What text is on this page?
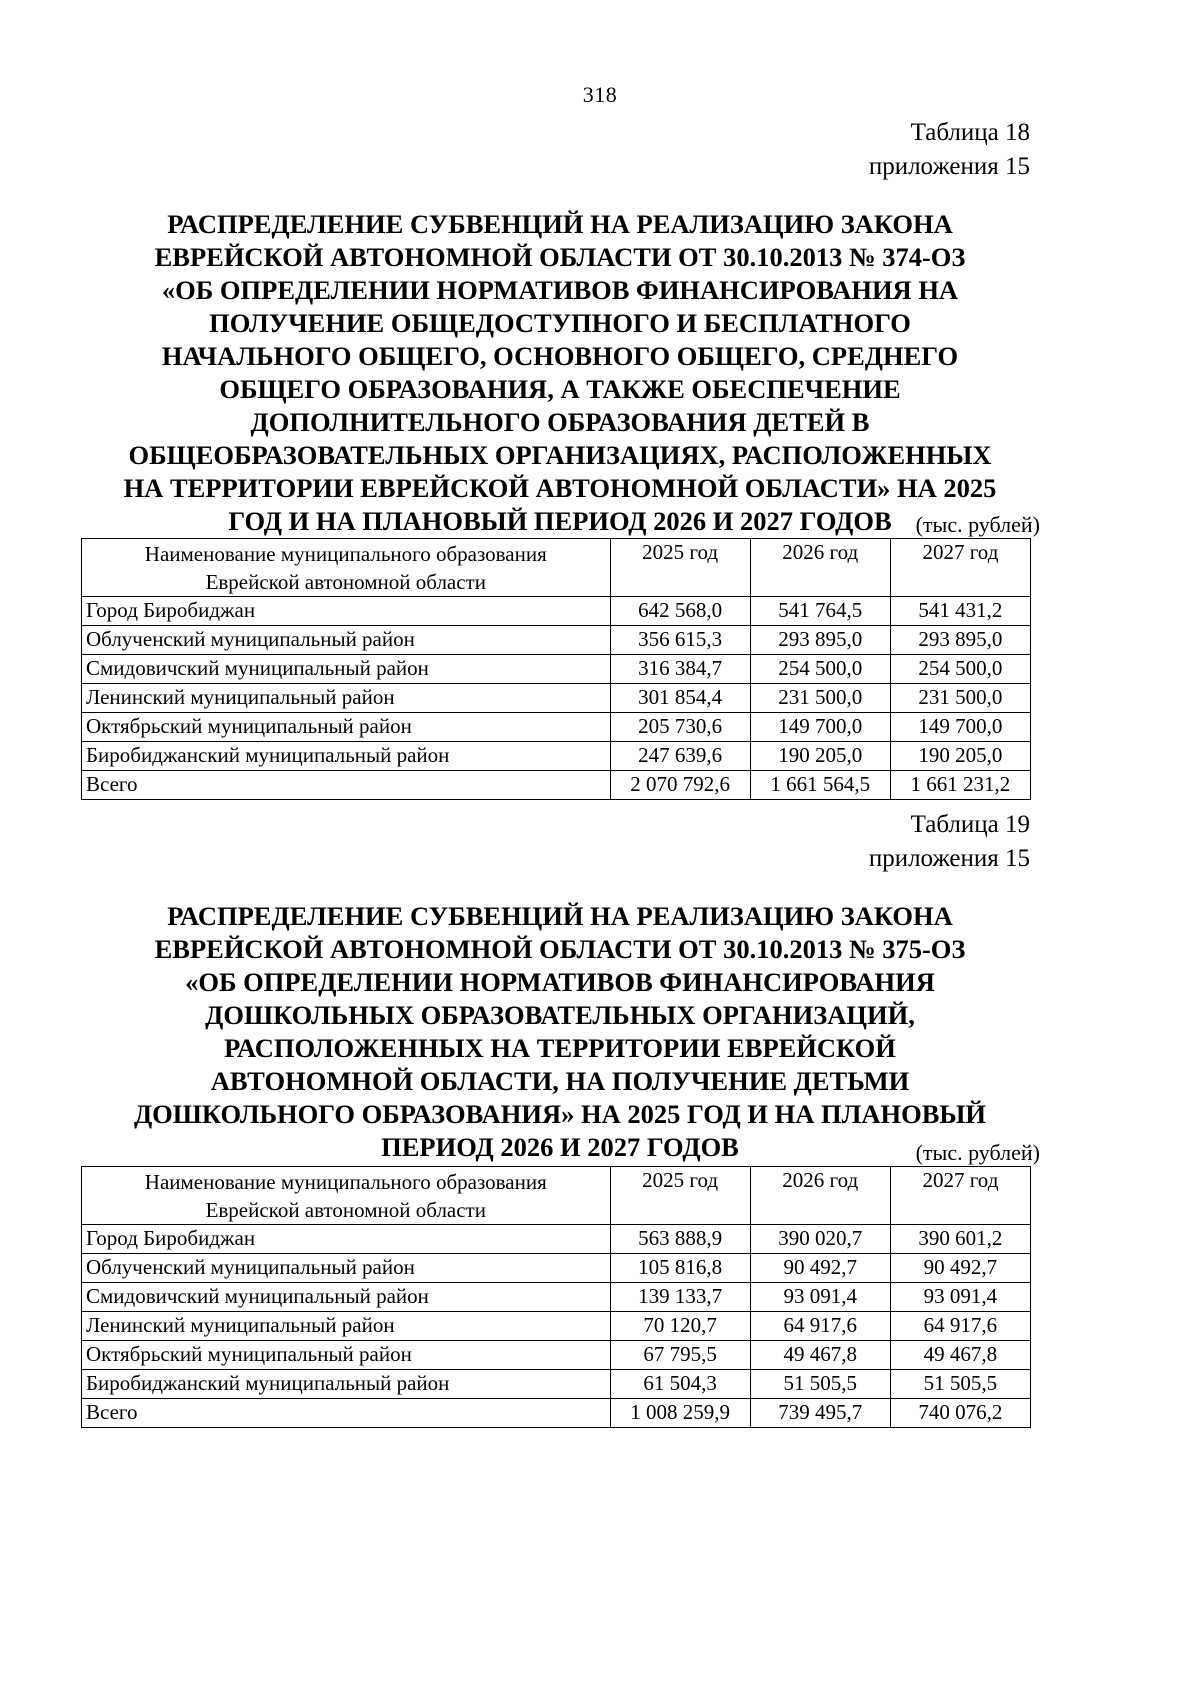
318
Таблица 18
приложения 15
РАСПРЕДЕЛЕНИЕ СУБВЕНЦИЙ НА РЕАЛИЗАЦИЮ ЗАКОНА
ЕВРЕЙСКОЙ АВТОНОМНОЙ ОБЛАСТИ ОТ 30.10.2013 № 374-ОЗ
«ОБ ОПРЕДЕЛЕНИИ НОРМАТИВОВ ФИНАНСИРОВАНИЯ НА
ПОЛУЧЕНИЕ ОБЩЕДОСТУПНОГО И БЕСПЛАТНОГО
НАЧАЛЬНОГО ОБЩЕГО, ОСНОВНОГО ОБЩЕГО, СРЕДНЕГО
ОБЩЕГО ОБРАЗОВАНИЯ, А ТАКЖЕ ОБЕСПЕЧЕНИЕ
ДОПОЛНИТЕЛЬНОГО ОБРАЗОВАНИЯ ДЕТЕЙ В
ОБЩЕОБРАЗОВАТЕЛЬНЫХ ОРГАНИЗАЦИЯХ, РАСПОЛОЖЕННЫХ
НА ТЕРРИТОРИИ ЕВРЕЙСКОЙ АВТОНОМНОЙ ОБЛАСТИ» НА 2025
ГОД И НА ПЛАНОВЫЙ ПЕРИОД 2026 И 2027 ГОДОВ	(тыс. рублей)
Наименование муниципального образования
Еврейской автономной области	2025 год	2026 год	2027 год
Город Биробиджан	642 568,0	541 764,5	541 431,2
Облученский муниципальный район	356 615,3	293 895,0	293 895,0
Смидовичский муниципальный район	316 384,7	254 500,0	254 500,0
Ленинский муниципальный район	301 854,4	231 500,0	231 500,0
Октябрьский муниципальный район	205 730,6	149 700,0	149 700,0
Биробиджанский муниципальный район	247 639,6	190 205,0	190 205,0
Всего	2 070 792,6	1 661 564,5	1 661 231,2
Таблица 19
приложения 15
РАСПРЕДЕЛЕНИЕ СУБВЕНЦИЙ НА РЕАЛИЗАЦИЮ ЗАКОНА
ЕВРЕЙСКОЙ АВТОНОМНОЙ ОБЛАСТИ ОТ 30.10.2013 № 375-ОЗ
«ОБ ОПРЕДЕЛЕНИИ НОРМАТИВОВ ФИНАНСИРОВАНИЯ
ДОШКОЛЬНЫХ ОБРАЗОВАТЕЛЬНЫХ ОРГАНИЗАЦИЙ,
РАСПОЛОЖЕННЫХ НА ТЕРРИТОРИИ ЕВРЕЙСКОЙ
АВТОНОМНОЙ ОБЛАСТИ, НА ПОЛУЧЕНИЕ ДЕТЬМИ
ДОШКОЛЬНОГО ОБРАЗОВАНИЯ» НА 2025 ГОД И НА ПЛАНОВЫЙ
ПЕРИОД 2026 И 2027 ГОДОВ	(тыс. рублей)
Наименование муниципального образования
Еврейской автономной области	2025 год	2026 год	2027 год
Город Биробиджан	563 888,9	390 020,7	390 601,2
Облученский муниципальный район	105 816,8	90 492,7	90 492,7
Смидовичский муниципальный район	139 133,7	93 091,4	93 091,4
Ленинский муниципальный район	70 120,7	64 917,6	64 917,6
Октябрьский муниципальный район	67 795,5	49 467,8	49 467,8
Биробиджанский муниципальный район	61 504,3	51 505,5	51 505,5
Всего	1 008 259,9	739 495,7	740 076,2
